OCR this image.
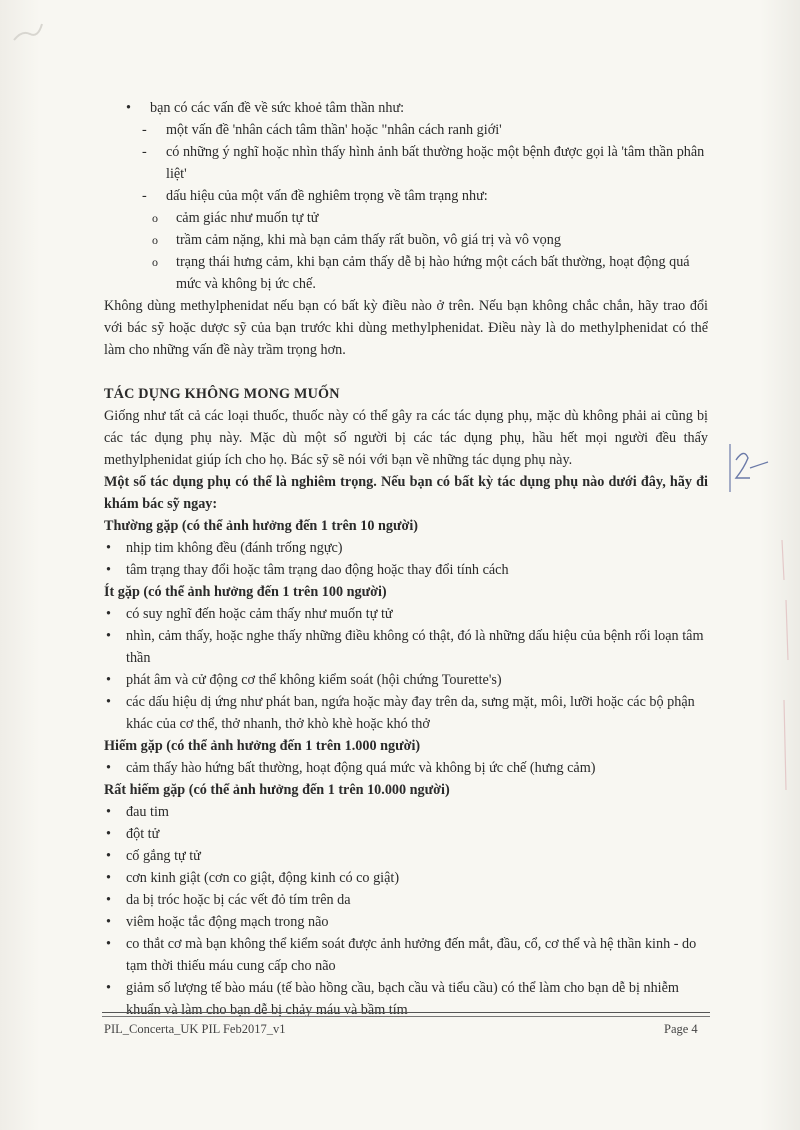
• bạn có các vấn đề về sức khoẻ tâm thần như:
- một vấn đề 'nhân cách tâm thần' hoặc "nhân cách ranh giới'
- có những ý nghĩ hoặc nhìn thấy hình ảnh bất thường hoặc một bệnh được gọi là 'tâm thần phân liệt'
- dấu hiệu của một vấn đề nghiêm trọng về tâm trạng như:
o cảm giác như muốn tự tử
o trầm cảm nặng, khi mà bạn cảm thấy rất buồn, vô giá trị và vô vọng
o trạng thái hưng cảm, khi bạn cảm thấy dễ bị hào hứng một cách bất thường, hoạt động quá mức và không bị ức chế.
Không dùng methylphenidat nếu bạn có bất kỳ điều nào ở trên. Nếu bạn không chắc chắn, hãy trao đổi với bác sỹ hoặc dược sỹ của bạn trước khi dùng methylphenidat. Điều này là do methylphenidat có thể làm cho những vấn đề này trầm trọng hơn.
TÁC DỤNG KHÔNG MONG MUỐN
Giống như tất cả các loại thuốc, thuốc này có thể gây ra các tác dụng phụ, mặc dù không phải ai cũng bị các tác dụng phụ này. Mặc dù một số người bị các tác dụng phụ, hầu hết mọi người đều thấy methylphenidat giúp ích cho họ. Bác sỹ sẽ nói với bạn về những tác dụng phụ này.
Một số tác dụng phụ có thể là nghiêm trọng. Nếu bạn có bất kỳ tác dụng phụ nào dưới đây, hãy đi khám bác sỹ ngay:
Thường gặp (có thể ảnh hưởng đến 1 trên 10 người)
• nhịp tim không đều (đánh trống ngực)
• tâm trạng thay đổi hoặc tâm trạng dao động hoặc thay đổi tính cách
Ít gặp (có thể ảnh hưởng đến 1 trên 100 người)
• có suy nghĩ đến hoặc cảm thấy như muốn tự tử
• nhìn, cảm thấy, hoặc nghe thấy những điều không có thật, đó là những dấu hiệu của bệnh rối loạn tâm thần
• phát âm và cử động cơ thể không kiểm soát (hội chứng Tourette's)
• các dấu hiệu dị ứng như phát ban, ngứa hoặc mày đay trên da, sưng mặt, môi, lưỡi hoặc các bộ phận khác của cơ thể, thở nhanh, thở khò khè hoặc khó thở
Hiếm gặp (có thể ảnh hưởng đến 1 trên 1.000 người)
• cảm thấy hào hứng bất thường, hoạt động quá mức và không bị ức chế (hưng cảm)
Rất hiếm gặp (có thể ảnh hưởng đến 1 trên 10.000 người)
• đau tim
• đột tử
• cố gắng tự tử
• cơn kinh giật (cơn co giật, động kinh có co giật)
• da bị tróc hoặc bị các vết đỏ tím trên da
• viêm hoặc tắc động mạch trong não
• co thắt cơ mà bạn không thể kiểm soát được ảnh hưởng đến mắt, đầu, cổ, cơ thể và hệ thần kinh - do tạm thời thiếu máu cung cấp cho não
• giảm số lượng tế bào máu (tế bào hồng cầu, bạch cầu và tiểu cầu) có thể làm cho bạn dễ bị nhiễm khuẩn và làm cho bạn dễ bị chảy máu và bầm tím
PIL_Concerta_UK PIL Feb2017_v1	Page 4
